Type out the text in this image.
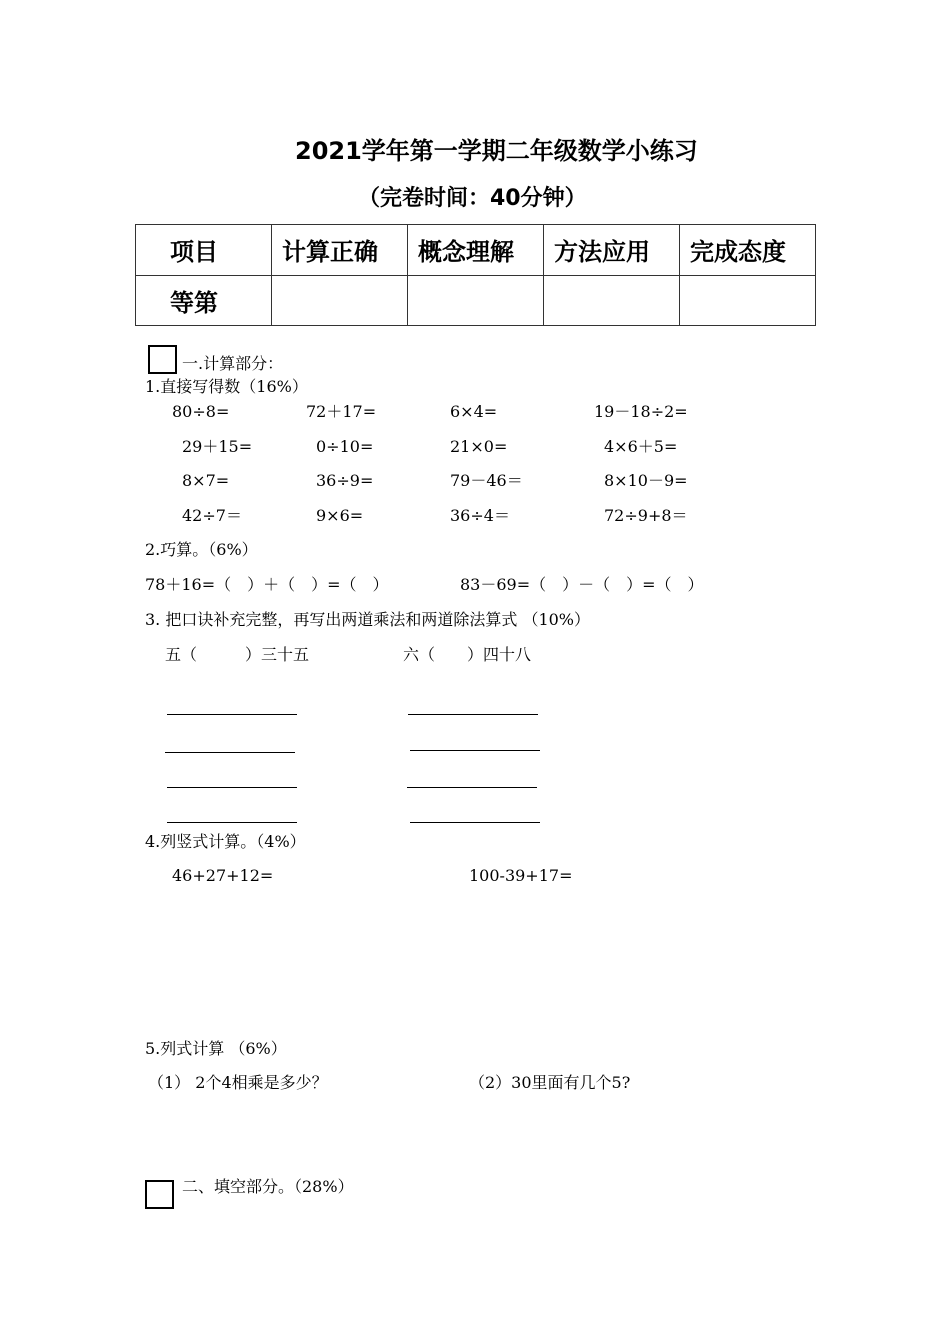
2021学年第一学期二年级数学小练习
（完卷时间：40分钟）
项目	计算正确	概念理解	方法应用	完成态度
等第				
一.计算部分：
1.直接写得数（16%）
80÷8=	72＋17=	6×4=	19－18÷2=
29＋15=	0÷10=	21×0=	4×6＋5=
8×7=	36÷9=	79－46＝	8×10－9=
42÷7＝	9×6=	36÷4＝	72÷9+8＝
2.巧算。（6%）
78＋16=（　）＋（　）=（　）	83－69=（　）－（　）=（　）
3. 把口诀补充完整，再写出两道乘法和两道除法算式 （10%）
五（　　　）三十五	六（　　）四十八
4.列竖式计算。（4%）
46+27+12=	100-39+17=
5.列式计算 （6%）
（1） 2个4相乘是多少？	（2）30里面有几个5?
二、填空部分。（28%）
